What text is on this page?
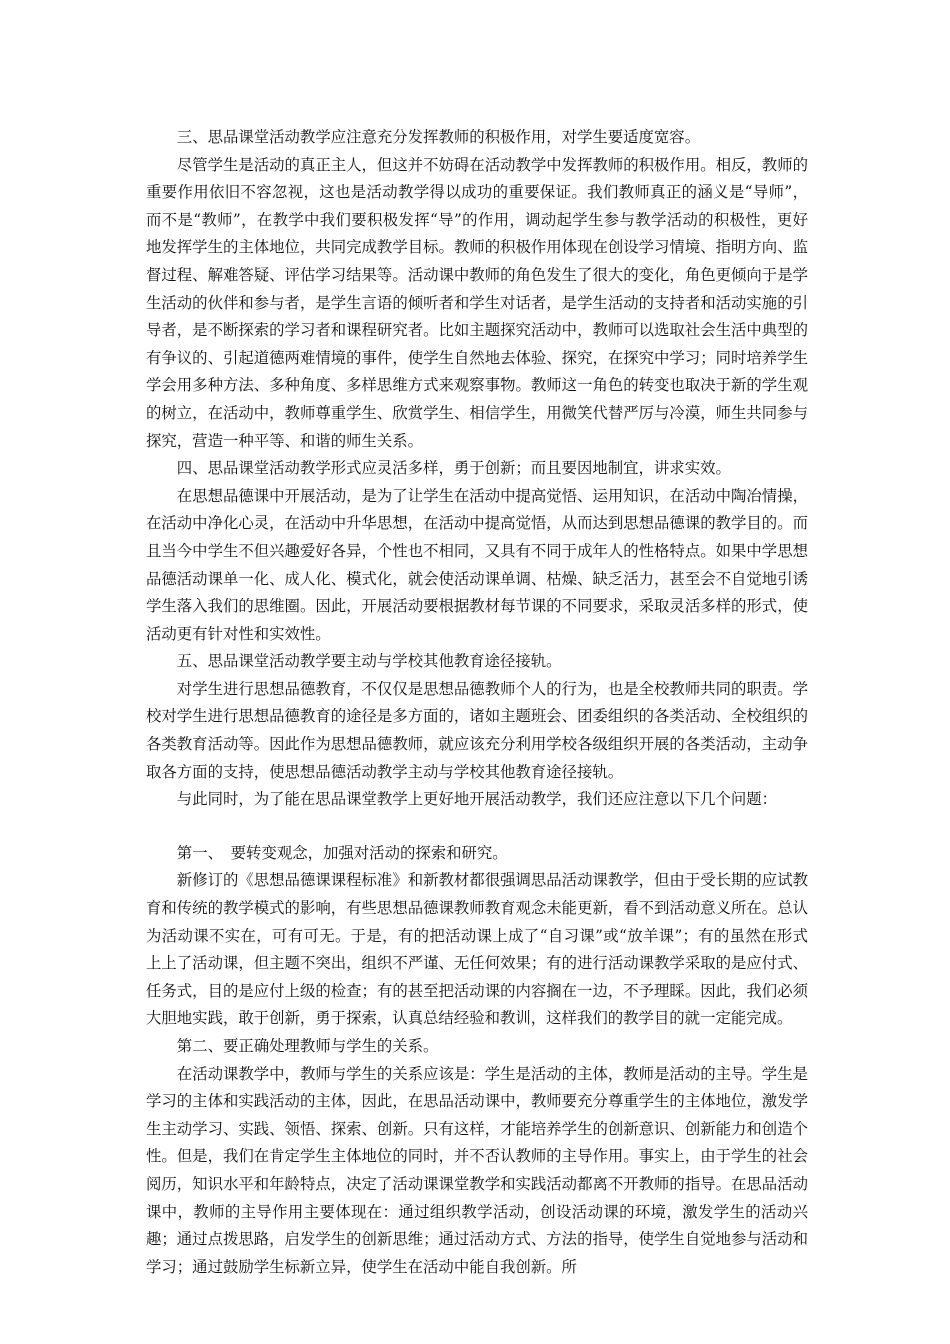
三、思品课堂活动教学应注意充分发挥教师的积极作用，对学生要适度宽容。

尽管学生是活动的真正主人，但这并不妨碍在活动教学中发挥教师的积极作用。相反，教师的重要作用依旧不容忽视，这也是活动教学得以成功的重要保证。我们教师真正的涵义是“导师”，而不是“教师”，在教学中我们要积极发挥“导”的作用，调动起学生参与教学活动的积极性，更好地发挥学生的主体地位，共同完成教学目标。教师的积极作用体现在创设学习情境、指明方向、监督过程、解难答疑、评估学习结果等。活动课中教师的角色发生了很大的变化，角色更倾向于是学生活动的伙伴和参与者，是学生言语的倾听者和学生对话者，是学生活动的支持者和活动实施的引导者，是不断探索的学习者和课程研究者。比如主题探究活动中，教师可以选取社会生活中典型的有争议的、引起道德两难情境的事件，使学生自然地去体验、探究，在探究中学习；同时培养学生学会用多种方法、多种角度、多样思维方式来观察事物。教师这一角色的转变也取决于新的学生观的树立，在活动中，教师尊重学生、欣赏学生、相信学生，用微笑代替严厉与冷漠，师生共同参与探究，营造一种平等、和谐的师生关系。

四、思品课堂活动教学形式应灵活多样，勇于创新；而且要因地制宜，讲求实效。

在思想品德课中开展活动，是为了让学生在活动中提高觉悟、运用知识，在活动中陶冶情操，在活动中净化心灵，在活动中升华思想，在活动中提高觉悟，从而达到思想品德课的教学目的。而且当今中学生不但兴趣爱好各异，个性也不相同，又具有不同于成年人的性格特点。如果中学思想品德活动课单一化、成人化、模式化，就会使活动课单调、枯燥、缺乏活力，甚至会不自觉地引诱学生落入我们的思维圈。因此，开展活动要根据教材每节课的不同要求，采取灵活多样的形式，使活动更有针对性和实效性。

五、思品课堂活动教学要主动与学校其他教育途径接轨。

对学生进行思想品德教育，不仅仅是思想品德教师个人的行为，也是全校教师共同的职责。学校对学生进行思想品德教育的途径是多方面的，诸如主题班会、团委组织的各类活动、全校组织的各类教育活动等。因此作为思想品德教师，就应该充分利用学校各级组织开展的各类活动，主动争取各方面的支持，使思想品德活动教学主动与学校其他教育途径接轨。

与此同时，为了能在思品课堂教学上更好地开展活动教学，我们还应注意以下几个问题：

第一、　要转变观念，加强对活动的探索和研究。

新修订的《思想品德课课程标准》和新教材都很强调思品活动课教学，但由于受长期的应试教育和传统的教学模式的影响，有些思想品德课教师教育观念未能更新，看不到活动意义所在。总认为活动课不实在，可有可无。于是，有的把活动课上成了“自习课”或“放羊课”；有的虽然在形式上上了活动课，但主题不突出，组织不严谨、无任何效果；有的进行活动课教学采取的是应付式、任务式，目的是应付上级的检查；有的甚至把活动课的内容搁在一边，不予理睬。因此，我们必须大胆地实践，敢于创新，勇于探索，认真总结经验和教训，这样我们的教学目的就一定能完成。

第二、要正确处理教师与学生的关系。

在活动课教学中，教师与学生的关系应该是：学生是活动的主体，教师是活动的主导。学生是学习的主体和实践活动的主体，因此，在思品活动课中，教师要充分尊重学生的主体地位，激发学生主动学习、实践、领悟、探索、创新。只有这样，才能培养学生的创新意识、创新能力和创造个性。但是，我们在肯定学生主体地位的同时，并不否认教师的主导作用。事实上，由于学生的社会阅历，知识水平和年龄特点，决定了活动课课堂教学和实践活动都离不开教师的指导。在思品活动课中，教师的主导作用主要体现在：通过组织教学活动，创设活动课的环境，激发学生的活动兴趣；通过点拨思路，启发学生的创新思维；通过活动方式、方法的指导，使学生自觉地参与活动和学习；通过鼓励学生标新立异，使学生在活动中能自我创新。所
